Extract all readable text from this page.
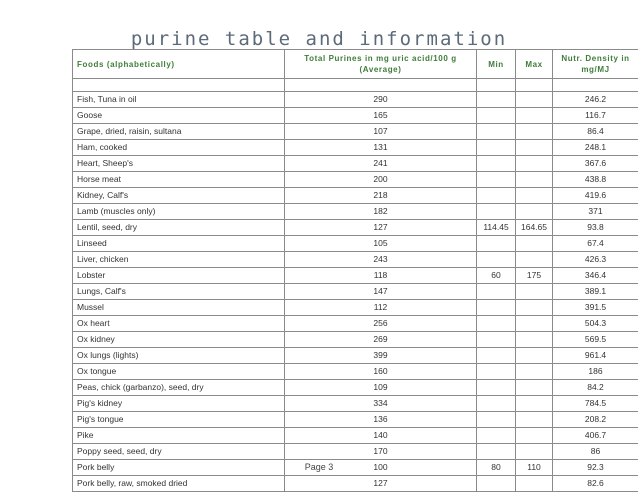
purine table and information
Foods (alphabetically)	Total Purines in mg uric acid/100 g (Average)	Min	Max	Nutr. Density in mg/MJ

Fish, Tuna in oil	290			246.2
Goose	165			116.7
Grape, dried, raisin, sultana	107			86.4
Ham, cooked	131			248.1
Heart, Sheep's	241			367.6
Horse meat	200			438.8
Kidney, Calf's	218			419.6
Lamb (muscles only)	182			371
Lentil, seed, dry	127	114.45	164.65	93.8
Linseed	105			67.4
Liver, chicken	243			426.3
Lobster	118	60	175	346.4
Lungs, Calf's	147			389.1
Mussel	112			391.5
Ox heart	256			504.3
Ox kidney	269			569.5
Ox lungs (lights)	399			961.4
Ox tongue	160			186
Peas, chick (garbanzo), seed, dry	109			84.2
Pig's kidney	334			784.5
Pig's tongue	136			208.2
Pike	140			406.7
Poppy seed, seed, dry	170			86
Pork belly	100	80	110	92.3
Pork belly, raw, smoked dried	127			82.6
Page 3
